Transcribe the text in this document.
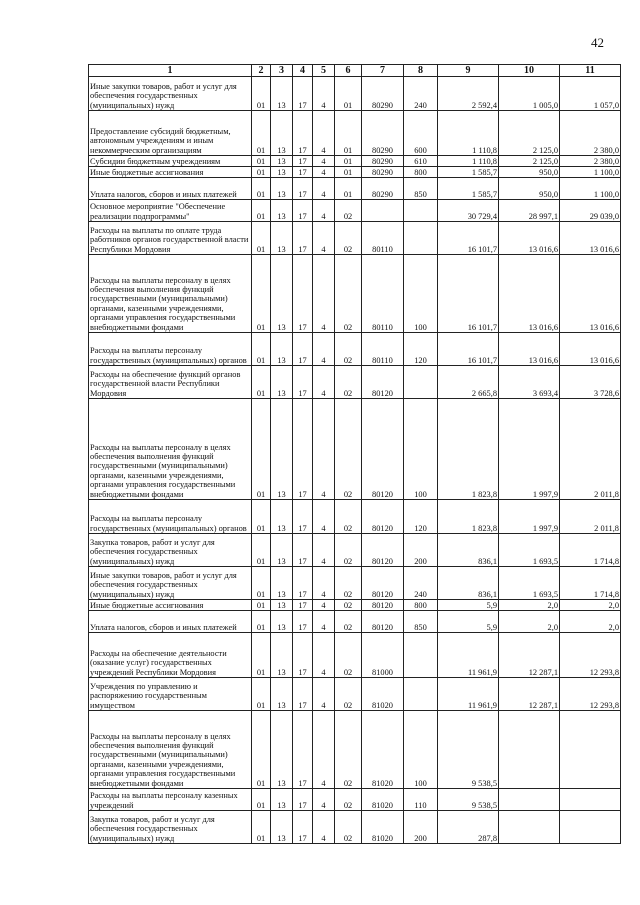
42
1	2	3	4	5	6	7	8	9	10	11
Иные закупки товаров, работ и услуг для обеспечения государственных (муниципальных) нужд	01	13	17	4	01	80290	240	2 592,4	1 005,0	1 057,0
Предоставление субсидий бюджетным, автономным учреждениям и иным некоммерческим организациям	01	13	17	4	01	80290	600	1 110,8	2 125,0	2 380,0
Субсидии бюджетным учреждениям	01	13	17	4	01	80290	610	1 110,8	2 125,0	2 380,0
Иные бюджетные ассигнования	01	13	17	4	01	80290	800	1 585,7	950,0	1 100,0
Уплата налогов, сборов и иных платежей	01	13	17	4	01	80290	850	1 585,7	950,0	1 100,0
Основное мероприятие "Обеспечение реализации подпрограммы"	01	13	17	4	02			30 729,4	28 997,1	29 039,0
Расходы на выплаты по оплате труда работников органов государственной власти Республики Мордовия	01	13	17	4	02	80110		16 101,7	13 016,6	13 016,6
Расходы на выплаты персоналу в целях обеспечения выполнения функций государственными (муниципальными) органами, казенными учреждениями, органами управления государственными внебюджетными фондами	01	13	17	4	02	80110	100	16 101,7	13 016,6	13 016,6
Расходы на выплаты персоналу государственных (муниципальных) органов	01	13	17	4	02	80110	120	16 101,7	13 016,6	13 016,6
Расходы на обеспечение функций органов государственной власти Республики Мордовия	01	13	17	4	02	80120		2 665,8	3 693,4	3 728,6
Расходы на выплаты персоналу в целях обеспечения выполнения функций государственными (муниципальными) органами, казенными учреждениями, органами управления государственными внебюджетными фондами	01	13	17	4	02	80120	100	1 823,8	1 997,9	2 011,8
Расходы на выплаты персоналу государственных (муниципальных) органов	01	13	17	4	02	80120	120	1 823,8	1 997,9	2 011,8
Закупка товаров, работ и услуг для обеспечения государственных (муниципальных) нужд	01	13	17	4	02	80120	200	836,1	1 693,5	1 714,8
Иные закупки товаров, работ и услуг для обеспечения государственных (муниципальных) нужд	01	13	17	4	02	80120	240	836,1	1 693,5	1 714,8
Иные бюджетные ассигнования	01	13	17	4	02	80120	800	5,9	2,0	2,0
Уплата налогов, сборов и иных платежей	01	13	17	4	02	80120	850	5,9	2,0	2,0
Расходы на обеспечение деятельности (оказание услуг) государственных учреждений Республики Мордовия	01	13	17	4	02	81000		11 961,9	12 287,1	12 293,8
Учреждения по управлению и распоряжению государственным имуществом	01	13	17	4	02	81020		11 961,9	12 287,1	12 293,8
Расходы на выплаты персоналу в целях обеспечения выполнения функций государственными (муниципальными) органами, казенными учреждениями, органами управления государственными внебюджетными фондами	01	13	17	4	02	81020	100	9 538,5		
Расходы на выплаты персоналу казенных учреждений	01	13	17	4	02	81020	110	9 538,5		
Закупка товаров, работ и услуг для обеспечения государственных (муниципальных) нужд	01	13	17	4	02	81020	200	287,8		
